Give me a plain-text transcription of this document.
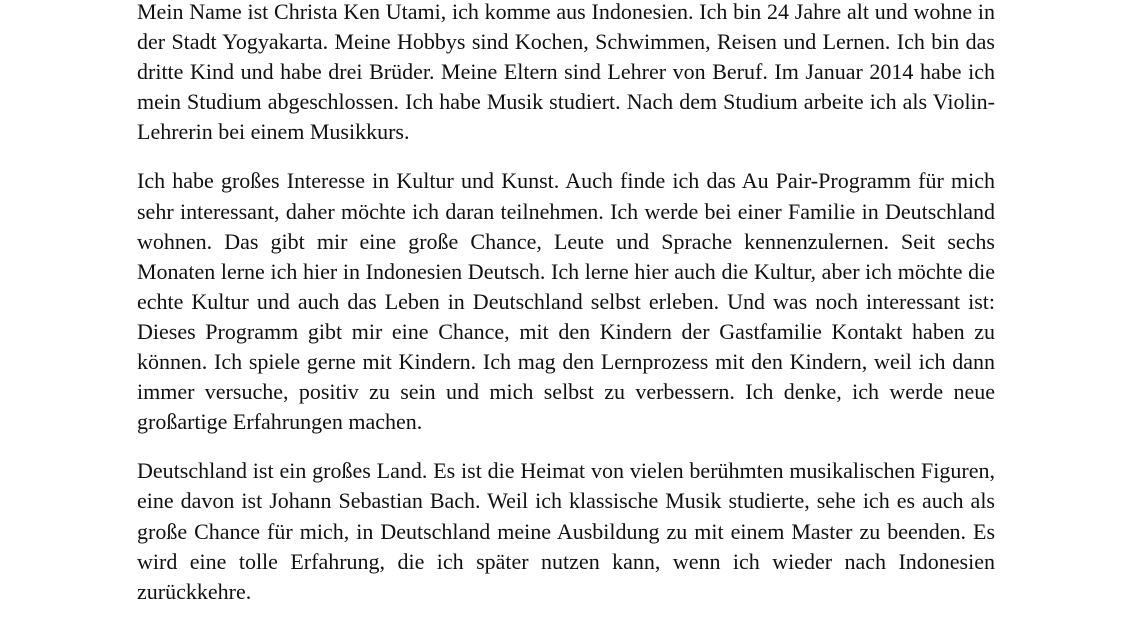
Mein Name ist Christa Ken Utami, ich komme aus Indonesien. Ich bin 24 Jahre alt und wohne in der Stadt Yogyakarta. Meine Hobbys sind Kochen, Schwimmen, Reisen und Lernen. Ich bin das dritte Kind und habe drei Brüder. Meine Eltern sind Lehrer von Beruf. Im Januar 2014 habe ich mein Studium abgeschlossen. Ich habe Musik studiert. Nach dem Studium arbeite ich als Violin-Lehrerin bei einem Musikkurs.

Ich habe großes Interesse in Kultur und Kunst. Auch finde ich das Au Pair-Programm für mich sehr interessant, daher möchte ich daran teilnehmen. Ich werde bei einer Familie in Deutschland wohnen. Das gibt mir eine große Chance, Leute und Sprache kennenzulernen. Seit sechs Monaten lerne ich hier in Indonesien Deutsch. Ich lerne hier auch die Kultur, aber ich möchte die echte Kultur und auch das Leben in Deutschland selbst erleben. Und was noch interessant ist: Dieses Programm gibt mir eine Chance, mit den Kindern der Gastfamilie Kontakt haben zu können. Ich spiele gerne mit Kindern. Ich mag den Lernprozess mit den Kindern, weil ich dann immer versuche, positiv zu sein und mich selbst zu verbessern. Ich denke, ich werde neue großartige Erfahrungen machen.

Deutschland ist ein großes Land. Es ist die Heimat von vielen berühmten musikalischen Figuren, eine davon ist Johann Sebastian Bach. Weil ich klassische Musik studierte, sehe ich es auch als große Chance für mich, in Deutschland meine Ausbildung zu mit einem Master zu beenden. Es wird eine tolle Erfahrung, die ich später nutzen kann, wenn ich wieder nach Indonesien zurückkehre.
